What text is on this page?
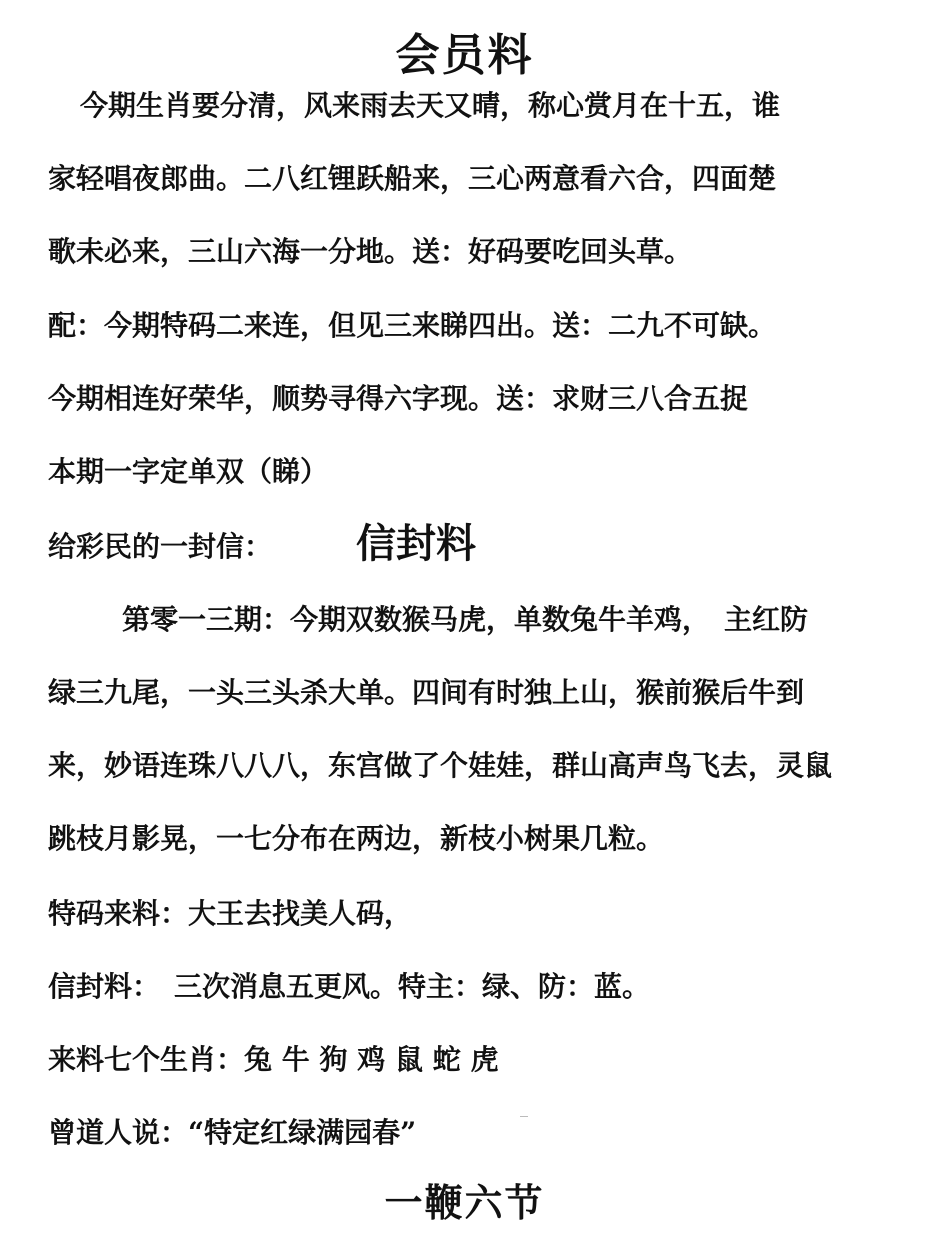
会员料
今期生肖要分清，风来雨去天又晴，称心赏月在十五，谁
家轻唱夜郎曲。二八红锂跃船来，三心两意看六合，四面楚
歌未必来，三山六海一分地。送：好码要吃回头草。
配：今期特码二来连，但见三来睇四出。送：二九不可缺。
今期相连好荣华，顺势寻得六字现。送：求财三八合五捉
本期一字定单双（睇）
给彩民的一封信：	信封料
第零一三期：今期双数猴马虎，单数兔牛羊鸡，　主红防
绿三九尾，一头三头杀大单。四间有时独上山，猴前猴后牛到
来，妙语连珠八八八，东宫做了个娃娃，群山高声鸟飞去，灵鼠
跳枝月影晃，一七分布在两边，新枝小树果几粒。
特码来料：大王去找美人码，
信封料：　三次消息五更风。特主：绿、防：蓝。
来料七个生肖：兔 牛 狗 鸡 鼠 蛇 虎
曾道人说：“特定红绿满园春”
一鞭六节
